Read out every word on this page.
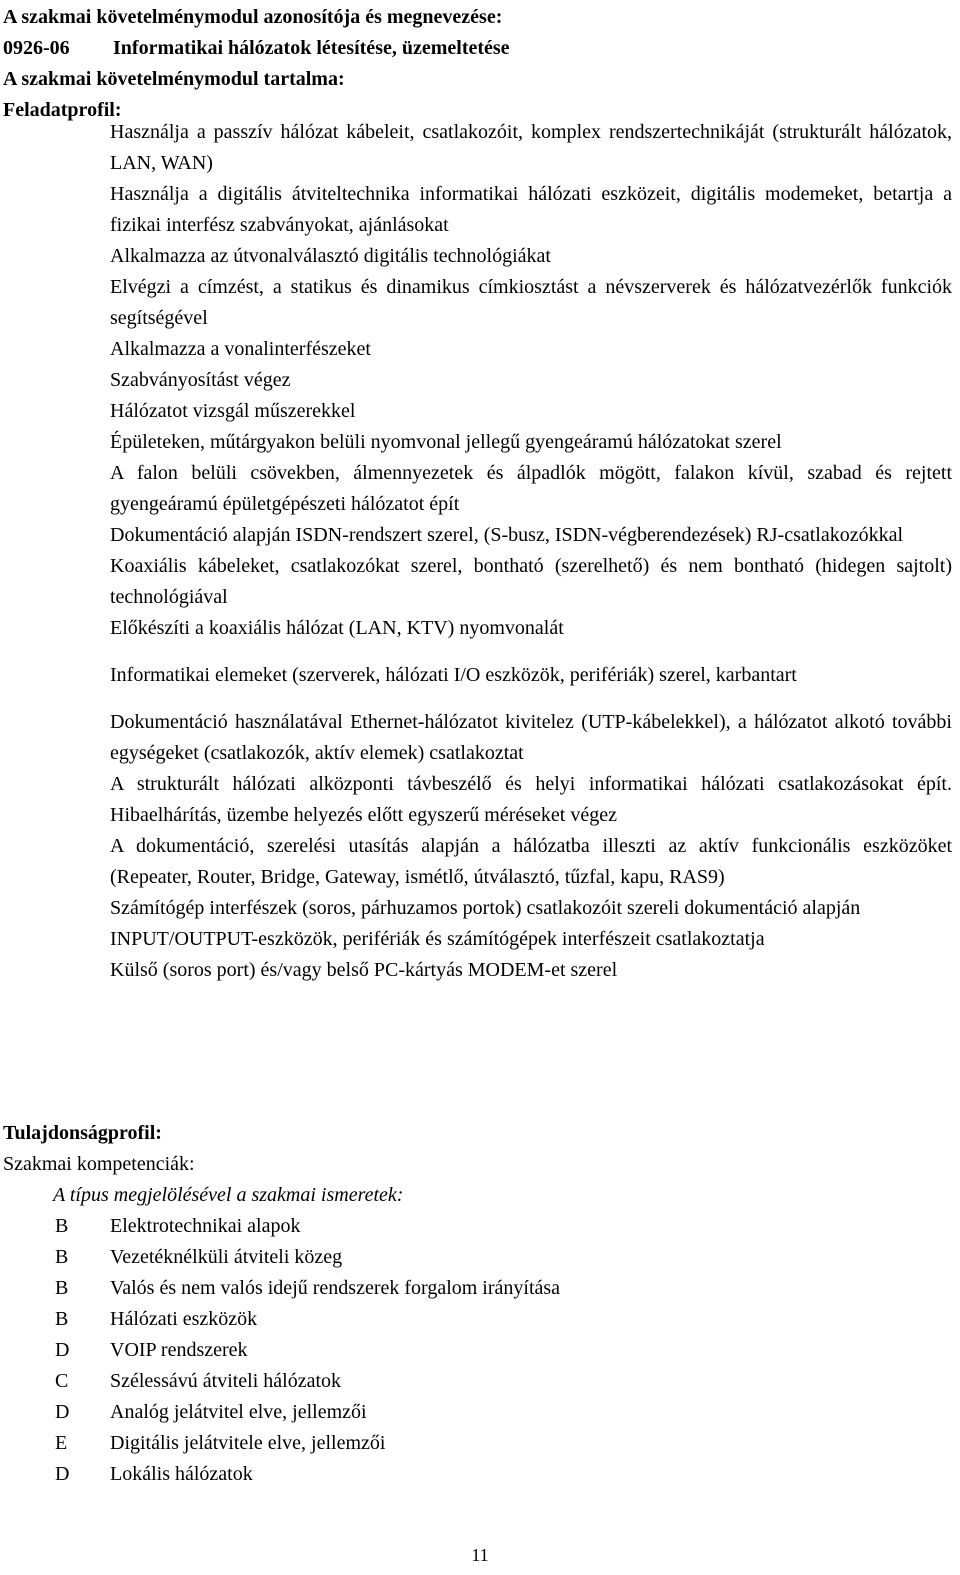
A szakmai követelménymodul azonosítója és megnevezése:
0926-06 Informatikai hálózatok létesítése, üzemeltetése
A szakmai követelménymodul tartalma:
Feladatprofil:
Használja a passzív hálózat kábeleit, csatlakozóit, komplex rendszertechnikáját (strukturált hálózatok, LAN, WAN)
Használja a digitális átviteltechnika informatikai hálózati eszközeit, digitális modemeket, betartja a fizikai interfész szabványokat, ajánlásokat
Alkalmazza az útvonalválasztó digitális technológiákat
Elvégzi a címzést, a statikus és dinamikus címkiosztást a névszerverek és hálózatvezérlők funkciók segítségével
Alkalmazza a vonalinterfészeket
Szabványosítást végez
Hálózatot vizsgál műszerekkel
Épületeken, műtárgyakon belüli nyomvonal jellegű gyengeáramú hálózatokat szerel
A falon belüli csövekben, álmennyezetek és álpadlók mögött, falakon kívül, szabad és rejtett gyengeáramú épületgépészeti hálózatot épít
Dokumentáció alapján ISDN-rendszert szerel, (S-busz, ISDN-végberendezések) RJ-csatlakozókkal
Koaxiális kábeleket, csatlakozókat szerel, bontható (szerelhető) és nem bontható (hidegen sajtolt) technológiával
Előkészíti a koaxiális hálózat (LAN, KTV) nyomvonalát
Informatikai elemeket (szerverek, hálózati I/O eszközök, perifériák) szerel, karbantart
Dokumentáció használatával Ethernet-hálózatot kivitelez (UTP-kábelekkel), a hálózatot alkotó további egységeket (csatlakozók, aktív elemek) csatlakoztat
A strukturált hálózati alközponti távbeszélő és helyi informatikai hálózati csatlakozásokat épít. Hibaelhárítás, üzembe helyezés előtt egyszerű méréseket végez
A dokumentáció, szerelési utasítás alapján a hálózatba illeszti az aktív funkcionális eszközöket (Repeater, Router, Bridge, Gateway, ismétlő, útválasztó, tűzfal, kapu, RAS9)
Számítógép interfészek (soros, párhuzamos portok) csatlakozóit szereli dokumentáció alapján
INPUT/OUTPUT-eszközök, perifériák és számítógépek interfészeit csatlakoztatja
Külső (soros port) és/vagy belső PC-kártyás MODEM-et szerel
Tulajdonságprofil:
Szakmai kompetenciák:
A típus megjelölésével a szakmai ismeretek:
B	Elektrotechnikai alapok
B	Vezetéknélküli átviteli közeg
B	Valós és nem valós idejű rendszerek forgalom irányítása
B	Hálózati eszközök
D	VOIP rendszerek
C	Szélessávú átviteli hálózatok
D	Analóg jelátvitel elve, jellemzői
E	Digitális jelátvitele elve, jellemzői
D	Lokális hálózatok
11
